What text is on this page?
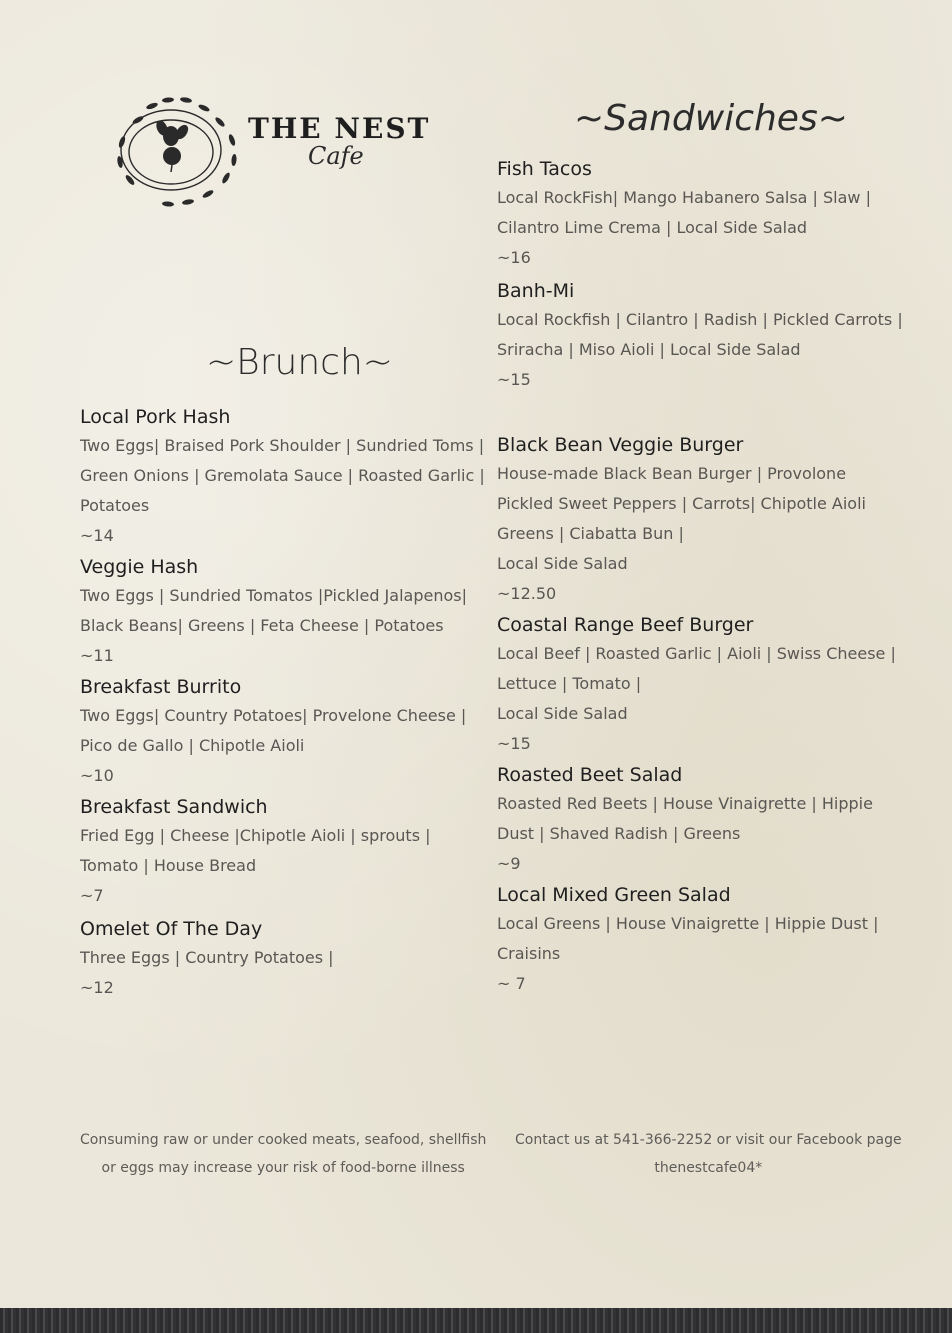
THE NEST
Cafe
~Sandwiches~
~Brunch~
Fish Tacos
Local RockFish| Mango Habanero Salsa | Slaw |
Cilantro Lime Crema | Local Side Salad
~16
Banh-Mi
Local Rockfish | Cilantro | Radish | Pickled Carrots |
Sriracha | Miso Aioli | Local Side Salad
~15
Black Bean Veggie Burger
House-made Black Bean Burger | Provolone
Pickled Sweet Peppers | Carrots| Chipotle Aioli
Greens | Ciabatta Bun |
Local Side Salad
~12.50
Coastal Range Beef Burger
Local Beef | Roasted Garlic | Aioli | Swiss Cheese |
Lettuce | Tomato |
Local Side Salad
~15
Roasted Beet Salad
Roasted Red Beets | House Vinaigrette | Hippie
Dust | Shaved Radish | Greens
~9
Local Mixed Green Salad
Local Greens | House Vinaigrette | Hippie Dust |
Craisins
~ 7
Local Pork Hash
Two Eggs| Braised Pork Shoulder | Sundried Toms |
Green Onions | Gremolata Sauce | Roasted Garlic |
Potatoes
~14
Veggie Hash
Two Eggs | Sundried Tomatos |Pickled Jalapenos|
Black Beans| Greens | Feta Cheese | Potatoes
~11
Breakfast Burrito
Two Eggs| Country Potatoes| Provelone Cheese |
Pico de Gallo | Chipotle Aioli
~10
Breakfast Sandwich
Fried Egg | Cheese |Chipotle Aioli | sprouts |
Tomato | House Bread
~7
Omelet Of The Day
Three Eggs | Country Potatoes |
~12
Consuming raw or under cooked meats, seafood, shellfish
or eggs may increase your risk of food-borne illness
Contact us at 541-366-2252 or visit our Facebook page
thenestcafe04*
